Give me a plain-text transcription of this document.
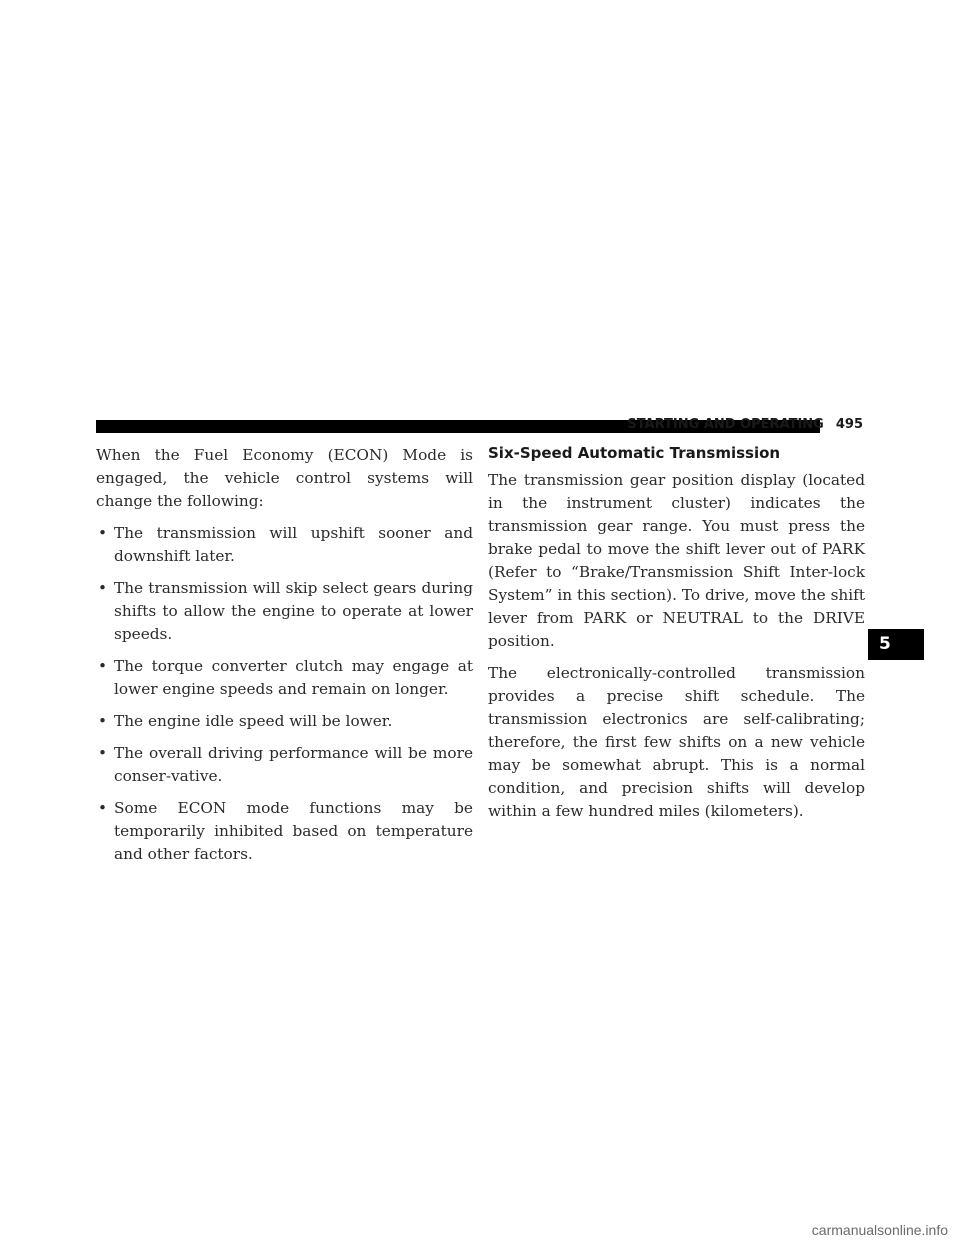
STARTING AND OPERATING 495

When the Fuel Economy (ECON) Mode is engaged, the vehicle control systems will change the following:

• The transmission will upshift sooner and downshift later.
• The transmission will skip select gears during shifts to allow the engine to operate at lower speeds.
• The torque converter clutch may engage at lower engine speeds and remain on longer.
• The engine idle speed will be lower.
• The overall driving performance will be more conser-vative.
• Some ECON mode functions may be temporarily inhibited based on temperature and other factors.
Six-Speed Automatic Transmission

The transmission gear position display (located in the instrument cluster) indicates the transmission gear range. You must press the brake pedal to move the shift lever out of PARK (Refer to “Brake/Transmission Shift Inter-lock System” in this section). To drive, move the shift lever from PARK or NEUTRAL to the DRIVE position.

The electronically-controlled transmission provides a precise shift schedule. The transmission electronics are self-calibrating; therefore, the first few shifts on a new vehicle may be somewhat abrupt. This is a normal condition, and precision shifts will develop within a few hundred miles (kilometers).

5
carmanualsonline.info
